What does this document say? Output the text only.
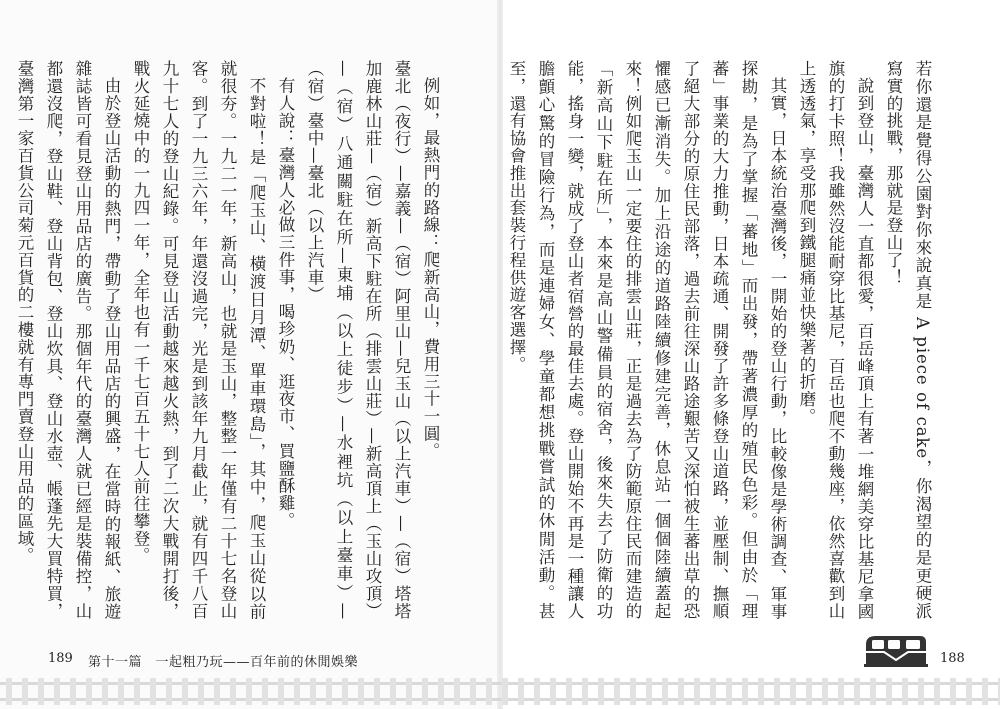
若你還是覺得公園對你來說真是 A piece of cake，你渴望的是更硬派寫實的挑戰，那就是登山了！

說到登山，臺灣人一直都很愛，百岳峰頂上有著一堆網美穿比基尼拿國旗的打卡照！我雖然沒能耐穿比基尼，百岳也爬不動幾座，依然喜歡到山上透透氣，享受那爬到鐵腿痛並快樂著的折磨。

其實，日本統治臺灣後，一開始的登山行動，比較像是學術調查、軍事探勘，是為了掌握「蕃地」而出發，帶著濃厚的殖民色彩。但由於「理蕃」事業的大力推動，日本疏通、開發了許多條登山道路，並壓制、撫順了絕大部分的原住民部落，過去前往深山路途艱苦又深怕被生蕃出草的恐懼感已漸消失。加上沿途的道路陸續修建完善，休息站一個個陸續蓋起來！例如爬玉山一定要住的排雲山莊，正是過去為了防範原住民而建造的「新高山下駐在所」，本來是高山警備員的宿舍，後來失去了防衛的功能，搖身一變，就成了登山者宿營的最佳去處。登山開始不再是一種讓人膽顫心驚的冒險行為，而是連婦女、學童都想挑戰嘗試的休閒活動。甚至，還有協會推出套裝行程供遊客選擇。

例如，最熱門的路線：爬新高山，費用三十一圓。

臺北（夜行）—嘉義—（宿）阿里山—兒玉山（以上汽車）—（宿）塔塔加鹿林山莊—（宿）新高下駐在所（排雲山莊）—新高頂上（玉山攻頂）—（宿）八通關駐在所—東埔（以上徒步）—水裡坑（以上臺車）—（宿）臺中—臺北（以上汽車）

有人說：臺灣人必做三件事，喝珍奶、逛夜市、買鹽酥雞。

不對啦！是「爬玉山、橫渡日月潭、單車環島」，其中，爬玉山從以前就很夯。一九二一年，新高山，也就是玉山，整整一年僅有二十七名登山客。到了一九三六年，年還沒過完，光是到該年九月截止，就有四千八百九十七人的登山紀錄。可見登山活動越來越火熱，到了二次大戰開打後，戰火延燒中的一九四一年，全年也有一千七百五十七人前往攀登。

由於登山活動的熱門，帶動了登山用品店的興盛，在當時的報紙、旅遊雜誌皆可看見登山用品店的廣告。那個年代的臺灣人就已經是裝備控，山都還沒爬，登山鞋、登山背包、登山炊具、登山水壺、帳蓬先大買特買，臺灣第一家百貨公司菊元百貨的二樓就有專門賣登山用品的區域。

189 第十一篇　一起粗乃玩——百年前的休閒娛樂	188
